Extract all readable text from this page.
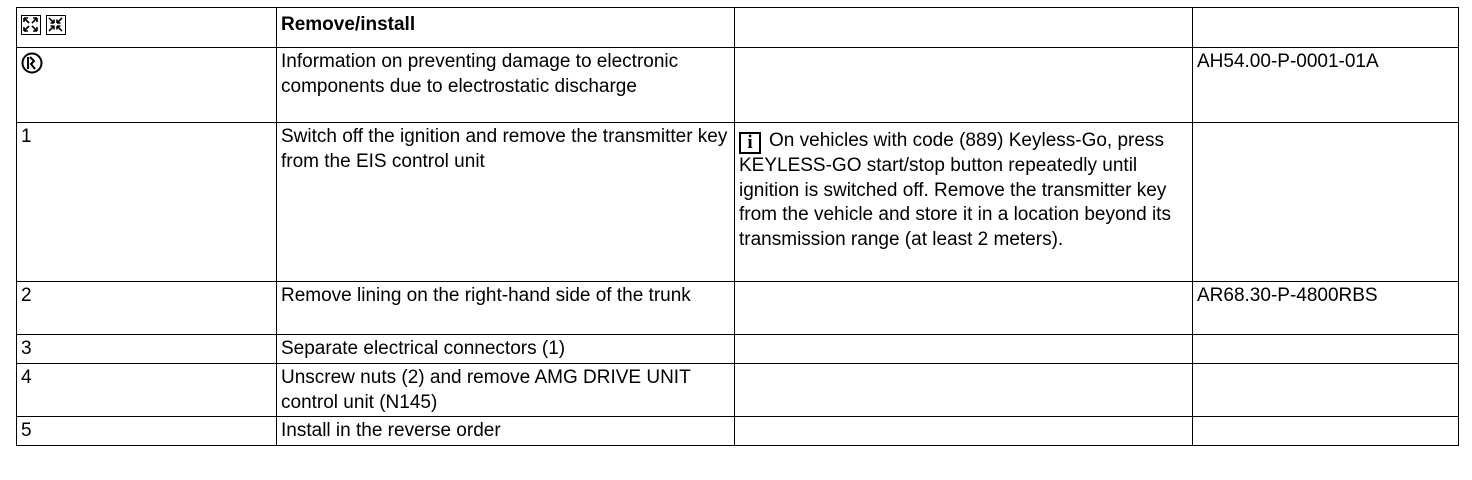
	Remove/install		
	Information on preventing damage to electronic components due to electrostatic discharge		AH54.00-P-0001-01A
1	Switch off the ignition and remove the transmitter key from the EIS control unit	i On vehicles with code (889) Keyless-Go, press KEYLESS-GO start/stop button repeatedly until ignition is switched off. Remove the transmitter key from the vehicle and store it in a location beyond its transmission range (at least 2 meters).	

2	Remove lining on the right-hand side of the trunk		AR68.30-P-4800RBS
3	Separate electrical connectors (1)		
4	Unscrew nuts (2) and remove AMG DRIVE UNIT control unit (N145)		
5	Install in the reverse order		
